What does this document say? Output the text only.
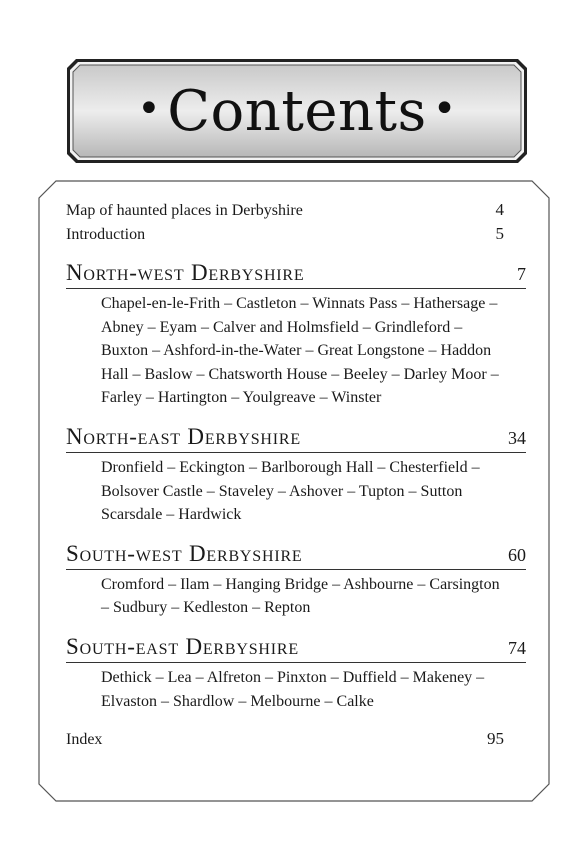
• Contents •
Map of haunted places in Derbyshire	4
Introduction	5
North-west Derbyshire	7
Chapel-en-le-Frith – Castleton – Winnats Pass – Hathersage – Abney – Eyam – Calver and Holmsfield – Grindleford – Buxton – Ashford-in-the-Water – Great Longstone – Haddon Hall – Baslow – Chatsworth House – Beeley – Darley Moor – Farley – Hartington – Youlgreave – Winster
North-east Derbyshire	34
Dronfield – Eckington – Barlborough Hall – Chesterfield – Bolsover Castle – Staveley – Ashover – Tupton – Sutton Scarsdale – Hardwick
South-west Derbyshire	60
Cromford – Ilam – Hanging Bridge – Ashbourne – Carsington – Sudbury – Kedleston – Repton
South-east Derbyshire	74
Dethick – Lea – Alfreton – Pinxton – Duffield – Makeney – Elvaston – Shardlow – Melbourne – Calke
Index	95
